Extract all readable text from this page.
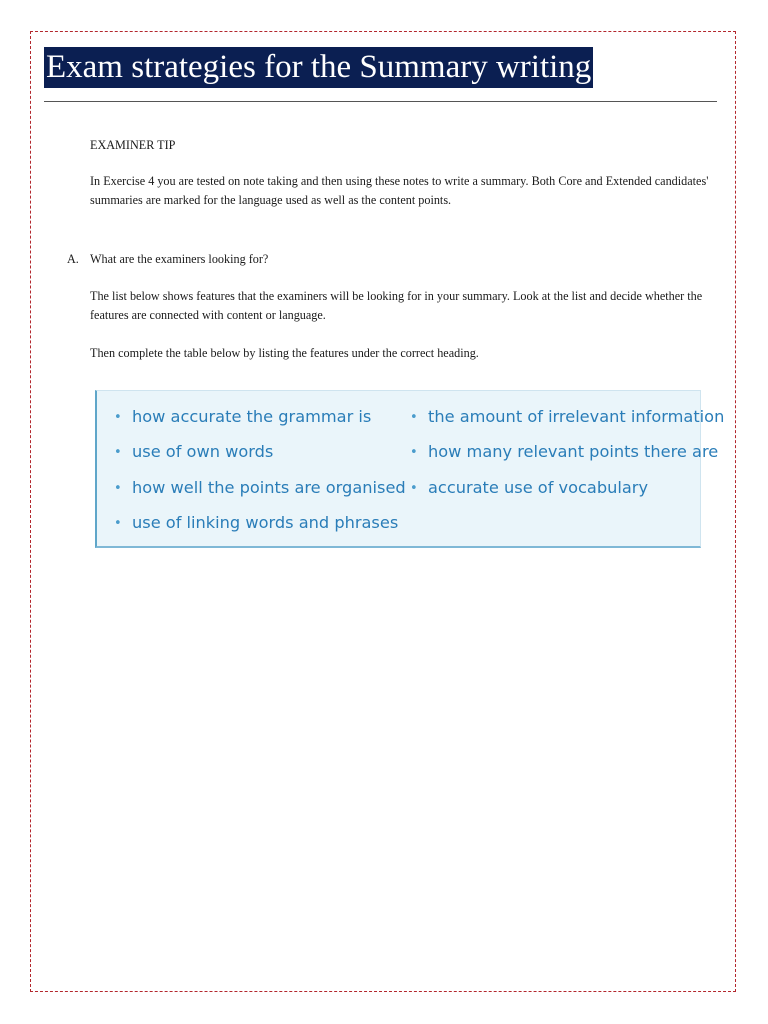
Exam strategies for the Summary writing
EXAMINER TIP
In Exercise 4 you are tested on note taking and then using these notes to write a summary. Both Core and Extended candidates' summaries are marked for the language used as well as the content points.
A. What are the examiners looking for?
The list below shows features that the examiners will be looking for in your summary. Look at the list and decide whether the features are connected with content or language.
Then complete the table below by listing the features under the correct heading.
• how accurate the grammar is
• use of own words
• how well the points are organised
• use of linking words and phrases
• the amount of irrelevant information
• how many relevant points there are
• accurate use of vocabulary
